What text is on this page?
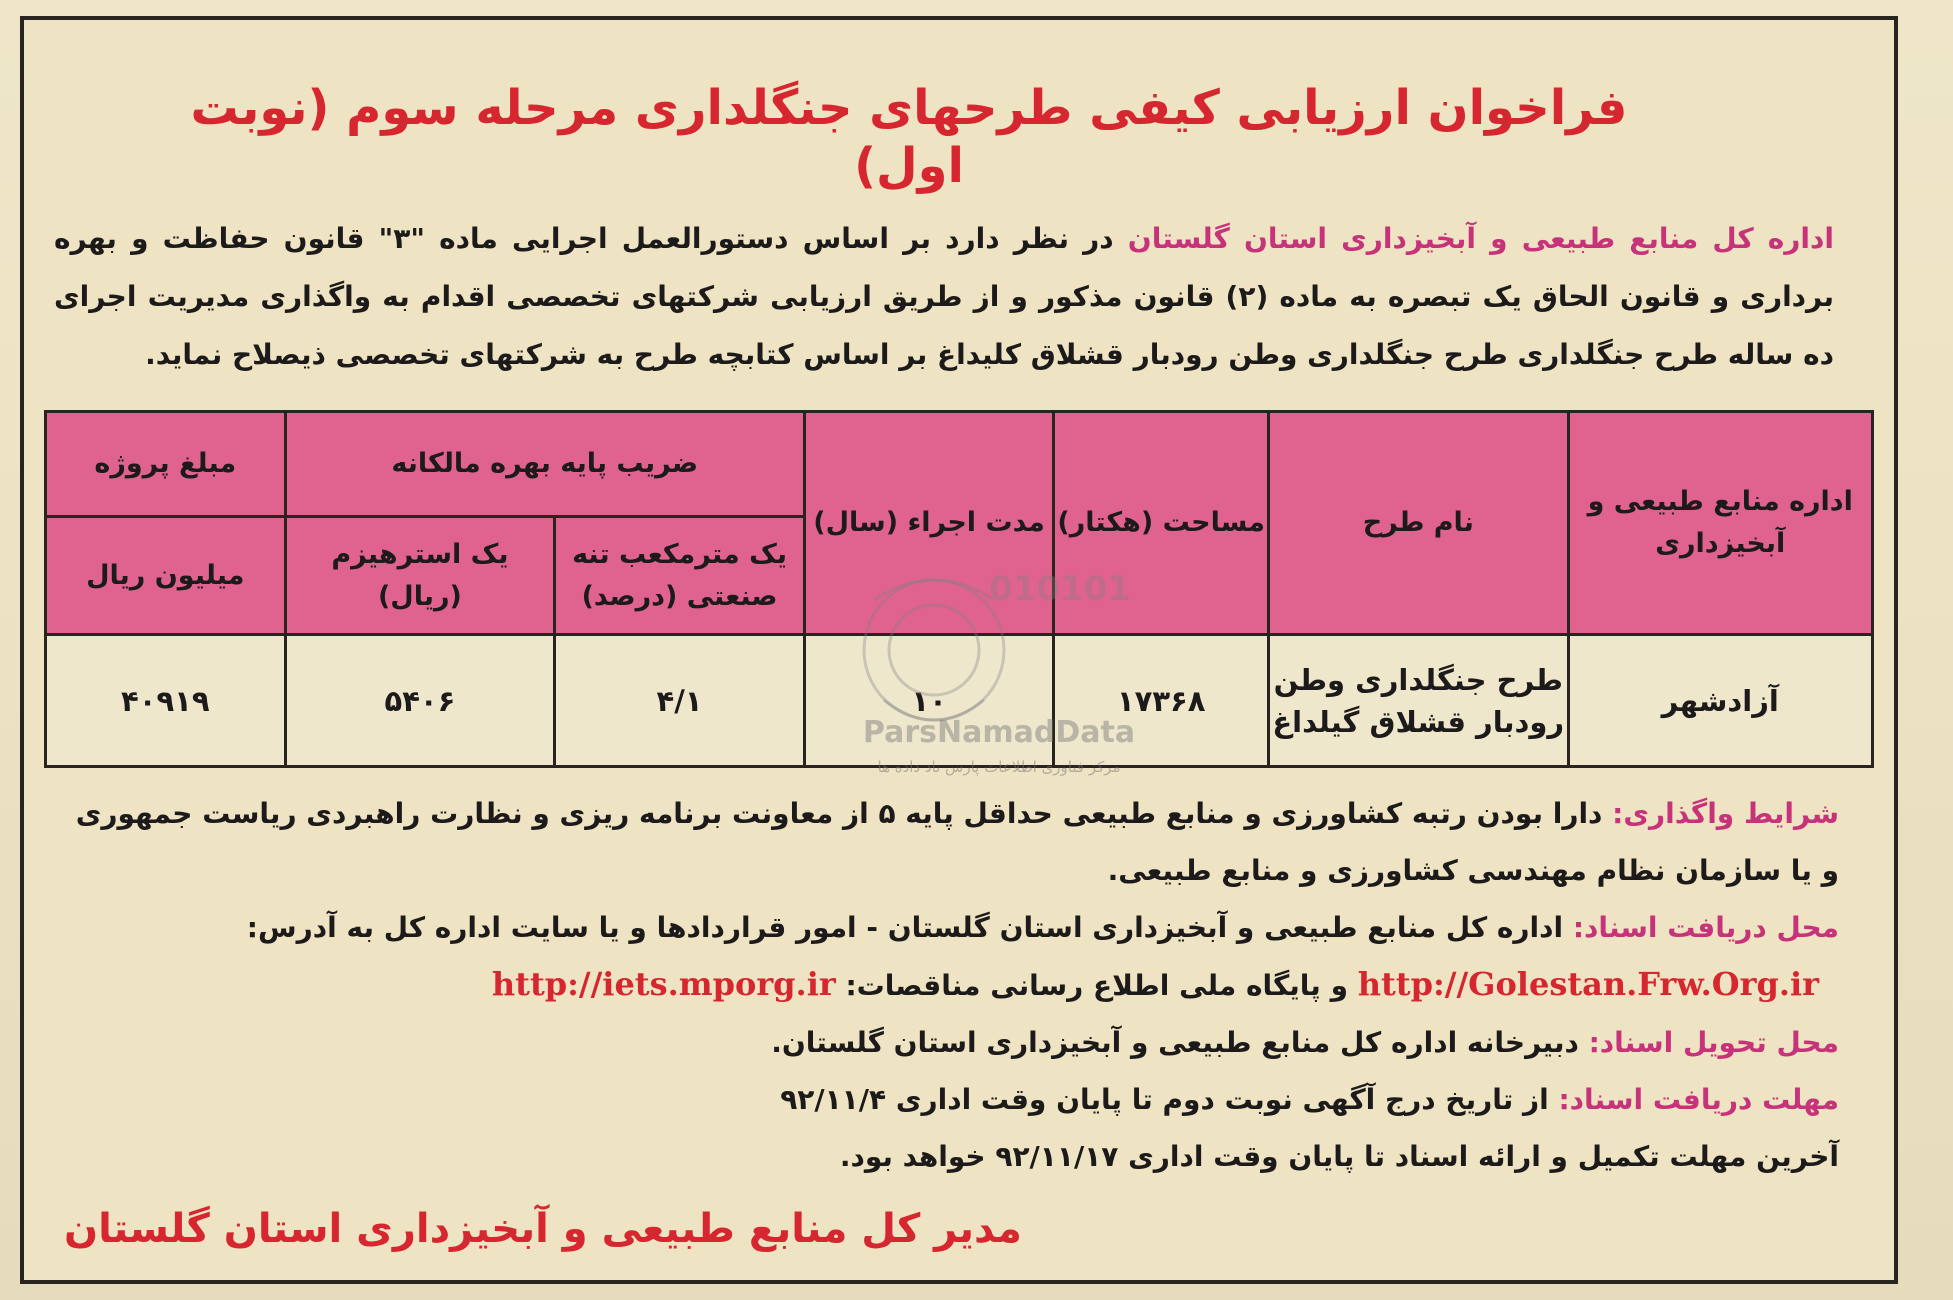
فراخوان ارزیابی کیفی طرحهای جنگلداری مرحله سوم (نوبت اول)
اداره کل منابع طبیعی و آبخیزداری استان گلستان در نظر دارد بر اساس دستورالعمل اجرایی ماده "۳" قانون حفاظت و بهره برداری و قانون الحاق یک تبصره به ماده (۲) قانون مذکور و از طریق ارزیابی شرکتهای تخصصی اقدام به واگذاری مدیریت اجرای ده ساله طرح جنگلداری طرح جنگلداری وطن رودبار قشلاق کلیداغ بر اساس کتابچه طرح به شرکتهای تخصصی ذیصلاح نماید.
اداره منابع طبیعی و آبخیزداری	نام طرح	مساحت (هکتار)	مدت اجراء (سال)	ضریب پایه بهره مالکانه		مبلغ پروژه
				یک مترمکعب تنه صنعتی (درصد)	یک استرهیزم (ریال)	میلیون ریال
آزادشهر	طرح جنگلداری وطن رودبار قشلاق گیلداغ	۱۷۳۶۸	۱۰	۴/۱	۵۴۰۶	۴۰۹۱۹
010101
ParsNamadData
مرکز فناوری اطلاعات پارس ناد داده ها

شرایط واگذاری: دارا بودن رتبه کشاورزی و منابع طبیعی حداقل پایه ۵ از معاونت برنامه ریزی و نظارت راهبردی ریاست جمهوری و یا سازمان نظام مهندسی کشاورزی و منابع طبیعی.

محل دریافت اسناد: اداره کل منابع طبیعی و آبخیزداری استان گلستان - امور قراردادها و یا سایت اداره کل به آدرس:

http://Golestan.Frw.Org.ir و پایگاه ملی اطلاع رسانی مناقصات: http://iets.mporg.ir

محل تحویل اسناد: دبیرخانه اداره کل منابع طبیعی و آبخیزداری استان گلستان.

مهلت دریافت اسناد: از تاریخ درج آگهی نوبت دوم تا پایان وقت اداری ۹۲/۱۱/۴

آخرین مهلت تکمیل و ارائه اسناد تا پایان وقت اداری ۹۲/۱۱/۱۷ خواهد بود.

مدیر کل منابع طبیعی و آبخیزداری استان گلستان
